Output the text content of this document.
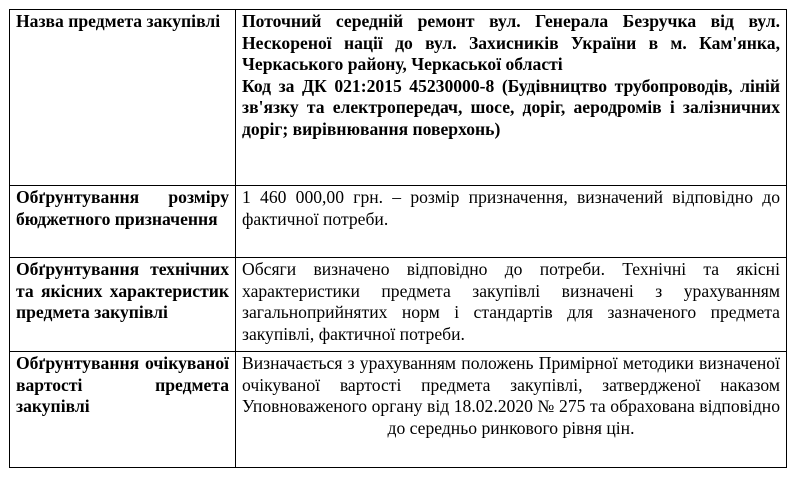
Назва предмета закупівлі	Поточний середній ремонт вул. Генерала Безручка від вул. Нескореної нації до вул. Захисників України в м. Кам'янка, Черкаського району, Черкаської області
Код за ДК 021:2015 45230000-8 (Будівництво трубопроводів, ліній зв'язку та електропередач, шосе, доріг, аеродромів і залізничних доріг; вирівнювання поверхонь)

Обґрунтування розміру бюджетного призначення	1 460 000,00 грн. – розмір призначення, визначений відповідно до фактичної потреби.
Обґрунтування технічних та якісних характеристик предмета закупівлі	Обсяги визначено відповідно до потреби. Технічні та якісні характеристики предмета закупівлі визначені з урахуванням загальноприйнятих норм і стандартів для зазначеного предмета закупівлі, фактичної потреби.
Обґрунтування очікуваної вартості предмета закупівлі	Визначається з урахуванням положень Примірної методики визначеної очікуваної вартості предмета закупівлі, затвердженої наказом Уповноваженого органу від 18.02.2020 № 275 та обрахована відповідно до середньо ринкового рівня цін.
